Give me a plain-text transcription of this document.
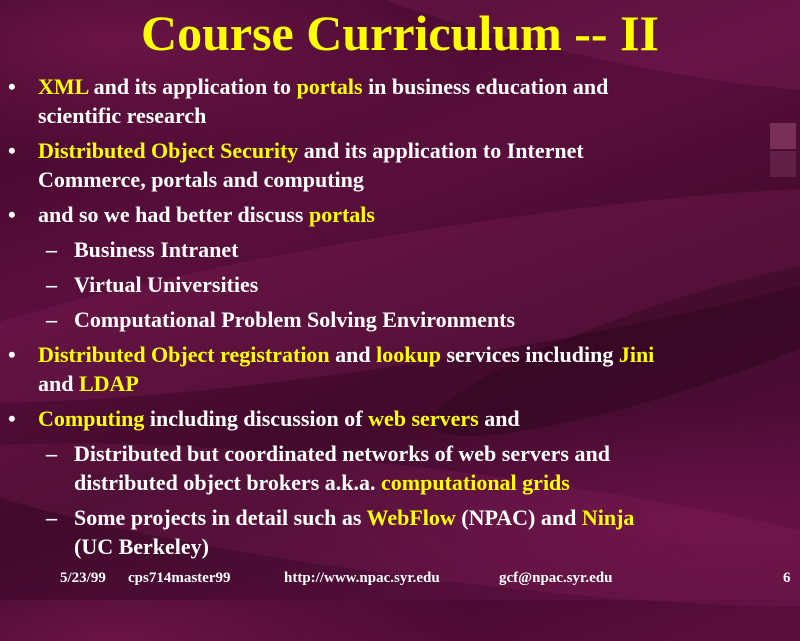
Course Curriculum -- II
• XML and its application to portals in business education and
scientific research
• Distributed Object Security and its application to Internet
Commerce, portals and computing
• and so we had better discuss portals
– Business Intranet
– Virtual Universities
– Computational Problem Solving Environments
• Distributed Object registration and lookup services including Jini
and LDAP
• Computing including discussion of web servers and
– Distributed but coordinated networks of web servers and
distributed object brokers a.k.a. computational grids
– Some projects in detail such as WebFlow (NPAC) and Ninja
(UC Berkeley)
5/23/99 cps714master99	http://www.npac.syr.edu	gcf@npac.syr.edu	6
